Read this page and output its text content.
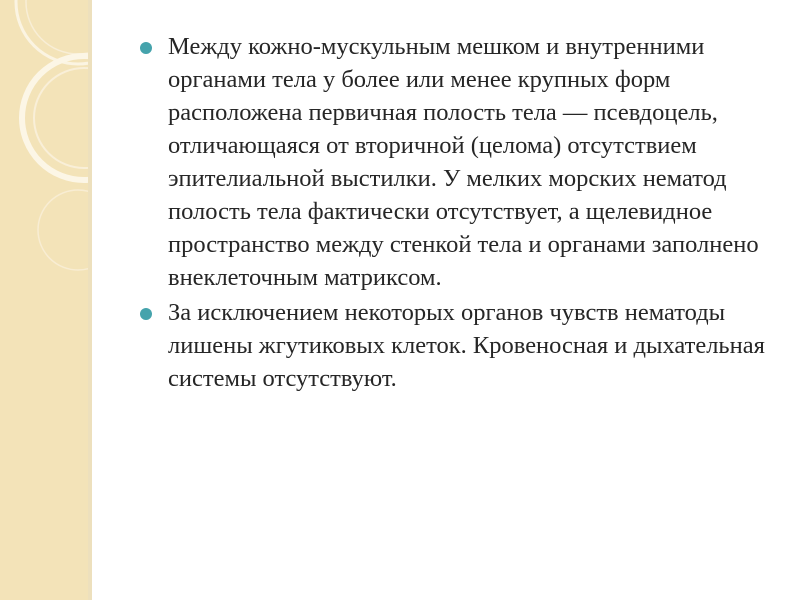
Между кожно-мускульным мешком и внутренними органами тела у более или менее крупных форм расположена первичная полость тела — псевдоцель, отличающаяся от вторичной (целома) отсутствием эпителиальной выстилки. У мелких морских нематод полость тела фактически отсутствует, а щелевидное пространство между стенкой тела и органами заполнено внеклеточным матриксом.
За исключением некоторых органов чувств нематоды лишены жгутиковых клеток. Кровеносная и дыхательная системы отсутствуют.
